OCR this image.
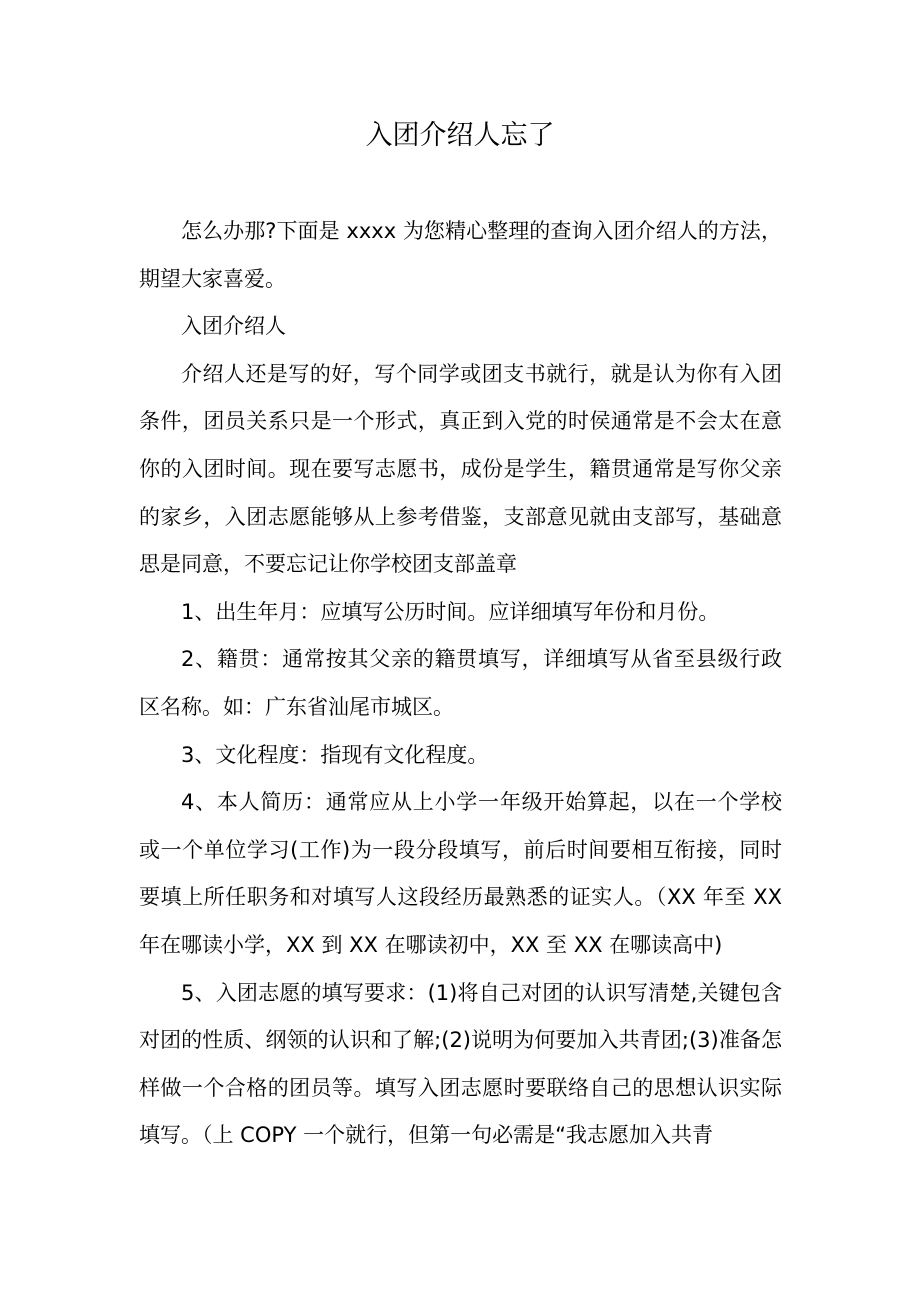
入团介绍人忘了

怎么办那?下面是 xxxx 为您精心整理的查询入团介绍人的方法，期望大家喜爱。

入团介绍人

介绍人还是写的好，写个同学或团支书就行，就是认为你有入团条件，团员关系只是一个形式，真正到入党的时侯通常是不会太在意你的入团时间。现在要写志愿书，成份是学生，籍贯通常是写你父亲的家乡，入团志愿能够从上参考借鉴，支部意见就由支部写，基础意思是同意，不要忘记让你学校团支部盖章

1、出生年月：应填写公历时间。应详细填写年份和月份。

2、籍贯：通常按其父亲的籍贯填写，详细填写从省至县级行政区名称。如：广东省汕尾市城区。

3、文化程度：指现有文化程度。

4、本人简历：通常应从上小学一年级开始算起，以在一个学校或一个单位学习(工作)为一段分段填写，前后时间要相互衔接，同时要填上所任职务和对填写人这段经历最熟悉的证实人。（XX 年至 XX 年在哪读小学，XX 到 XX 在哪读初中，XX 至 XX 在哪读高中)

5、入团志愿的填写要求：(1)将自己对团的认识写清楚,关键包含对团的性质、纲领的认识和了解;(2)说明为何要加入共青团;(3)准备怎样做一个合格的团员等。填写入团志愿时要联络自己的思想认识实际填写。（上 COPY 一个就行，但第一句必需是“我志愿加入共青
